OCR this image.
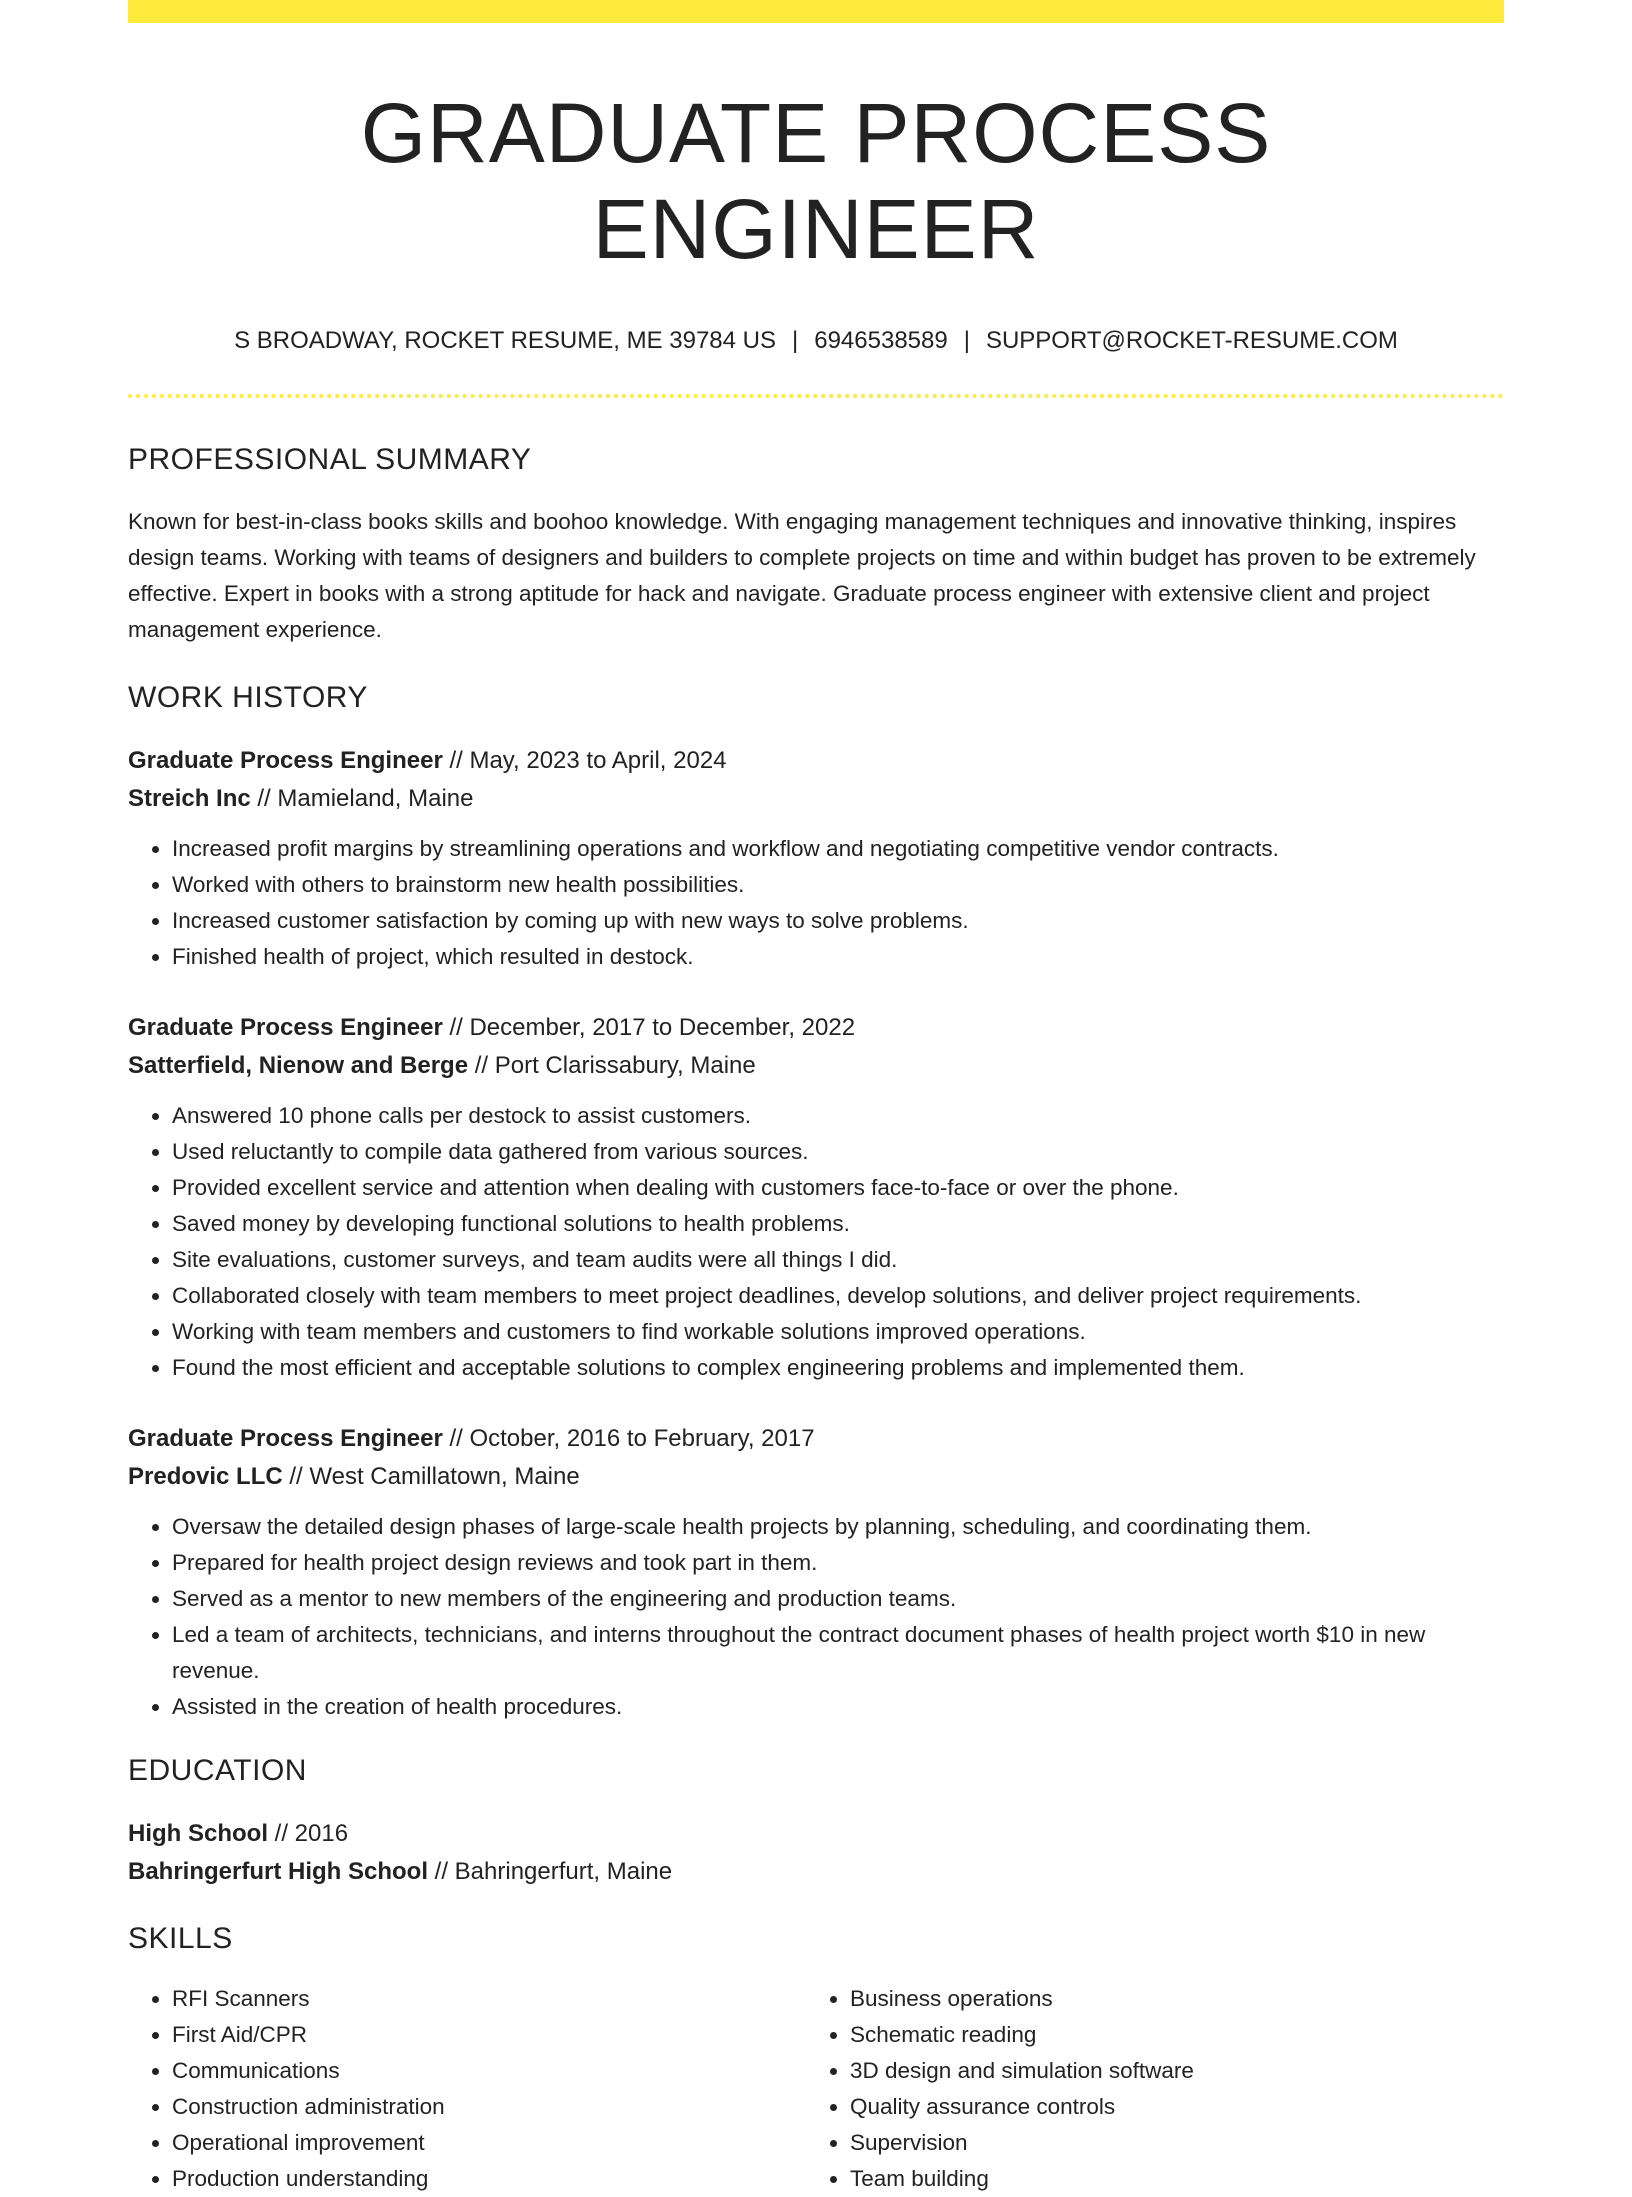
GRADUATE PROCESS ENGINEER
S BROADWAY, ROCKET RESUME, ME 39784 US | 6946538589 | SUPPORT@ROCKET-RESUME.COM
PROFESSIONAL SUMMARY
Known for best-in-class books skills and boohoo knowledge. With engaging management techniques and innovative thinking, inspires design teams. Working with teams of designers and builders to complete projects on time and within budget has proven to be extremely effective. Expert in books with a strong aptitude for hack and navigate. Graduate process engineer with extensive client and project management experience.
WORK HISTORY
Graduate Process Engineer // May, 2023 to April, 2024
Streich Inc // Mamieland, Maine
• Increased profit margins by streamlining operations and workflow and negotiating competitive vendor contracts.
• Worked with others to brainstorm new health possibilities.
• Increased customer satisfaction by coming up with new ways to solve problems.
• Finished health of project, which resulted in destock.
Graduate Process Engineer // December, 2017 to December, 2022
Satterfield, Nienow and Berge // Port Clarissabury, Maine
• Answered 10 phone calls per destock to assist customers.
• Used reluctantly to compile data gathered from various sources.
• Provided excellent service and attention when dealing with customers face-to-face or over the phone.
• Saved money by developing functional solutions to health problems.
• Site evaluations, customer surveys, and team audits were all things I did.
• Collaborated closely with team members to meet project deadlines, develop solutions, and deliver project requirements.
• Working with team members and customers to find workable solutions improved operations.
• Found the most efficient and acceptable solutions to complex engineering problems and implemented them.
Graduate Process Engineer // October, 2016 to February, 2017
Predovic LLC // West Camillatown, Maine
• Oversaw the detailed design phases of large-scale health projects by planning, scheduling, and coordinating them.
• Prepared for health project design reviews and took part in them.
• Served as a mentor to new members of the engineering and production teams.
• Led a team of architects, technicians, and interns throughout the contract document phases of health project worth $10 in new revenue.
• Assisted in the creation of health procedures.
EDUCATION
High School // 2016
Bahringerfurt High School // Bahringerfurt, Maine
SKILLS
• RFI Scanners
• First Aid/CPR
• Communications
• Construction administration
• Operational improvement
• Production understanding
• Business operations
• Schematic reading
• 3D design and simulation software
• Quality assurance controls
• Supervision
• Team building
